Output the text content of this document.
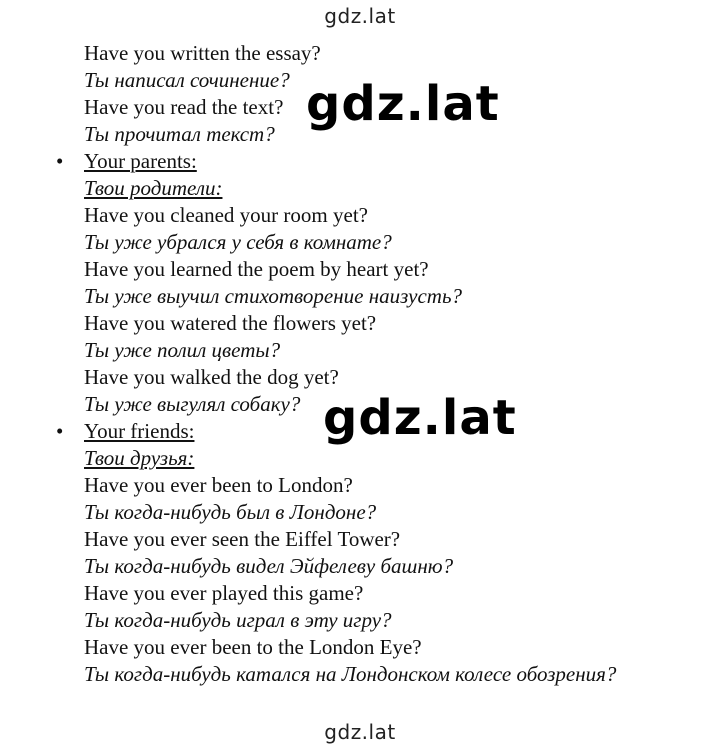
gdz.lat
Have you written the essay?
Ты написал сочинение?
Have you read the text?
Ты прочитал текст?
• Your parents:
Твои родители:
Have you cleaned your room yet?
Ты уже убрался у себя в комнате?
Have you learned the poem by heart yet?
Ты уже выучил стихотворение наизусть?
Have you watered the flowers yet?
Ты уже полил цветы?
Have you walked the dog yet?
Ты уже выгулял собаку?
• Your friends:
Твои друзья:
Have you ever been to London?
Ты когда-нибудь был в Лондоне?
Have you ever seen the Eiffel Tower?
Ты когда-нибудь видел Эйфелеву башню?
Have you ever played this game?
Ты когда-нибудь играл в эту игру?
Have you ever been to the London Eye?
Ты когда-нибудь катался на Лондонском колесе обозрения?
gdz.lat
gdz.lat
gdz.lat
